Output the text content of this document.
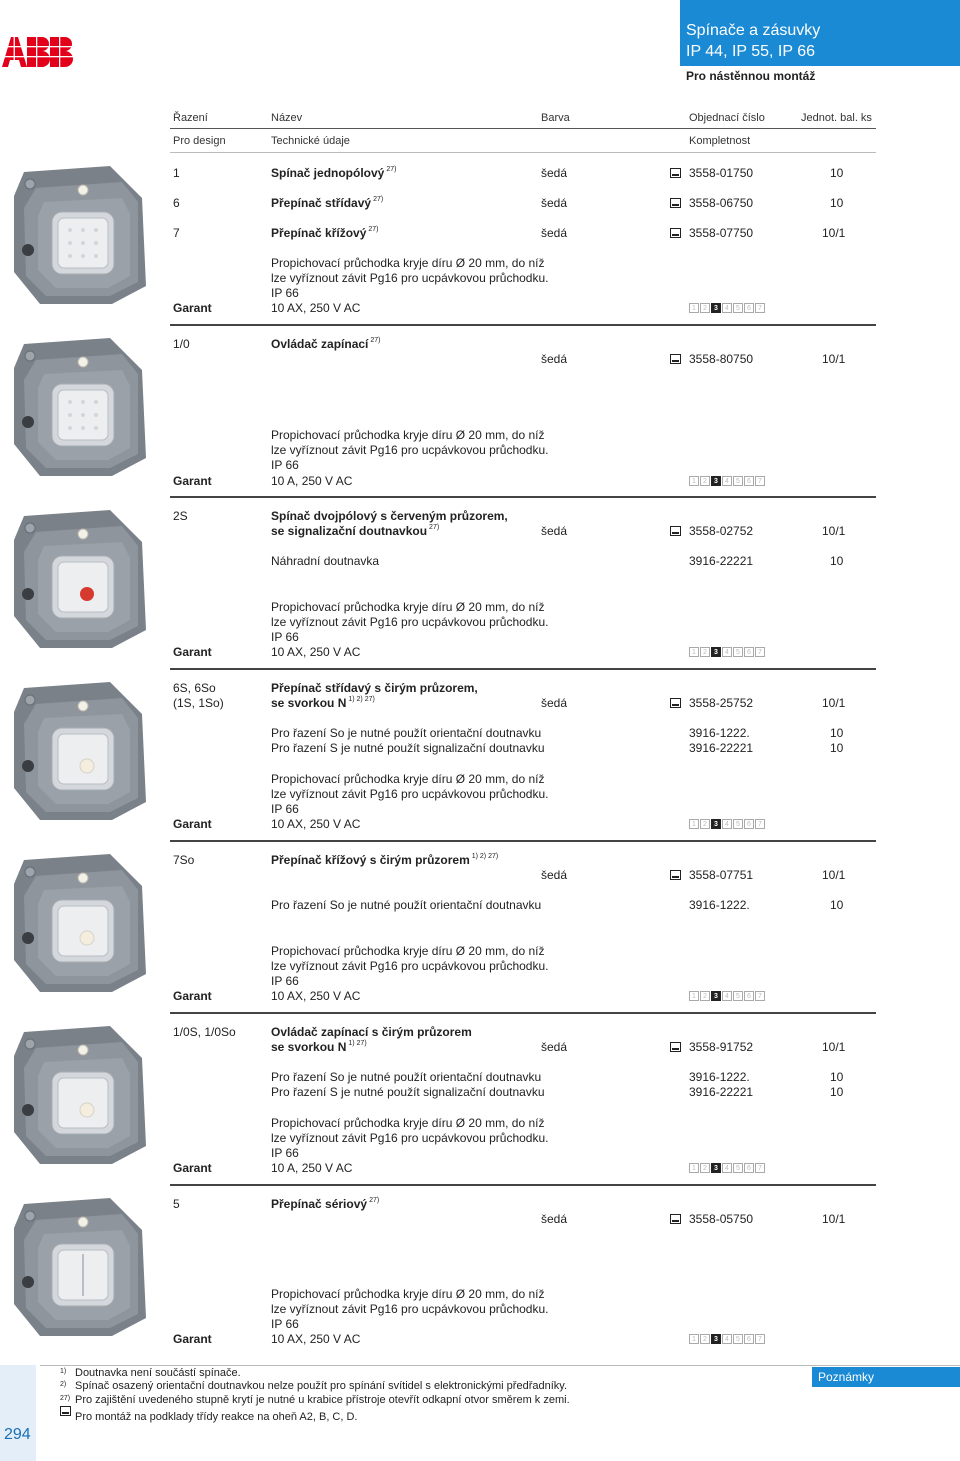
Spínače a zásuvky
IP 44, IP 55, IP 66
Pro nástěnnou montáž
Řazení	Název	Barva	Objednací číslo	Jednot. bal. ks
Pro design	Technické údaje	Kompletnost
1	Spínač jednopólový $^{27)}$	šedá	3558-01750	10
6	Přepínač střídavý $^{27)}$	šedá	3558-06750	10
7	Přepínač křížový $^{27)}$	šedá	3558-07750	10/1
Propichovací průchodka kryje díru Ø 20 mm, do níž
lze vyříznout závit Pg16 pro ucpávkovou průchodku.
IP 66
Garant	10 AX, 250 V AC	1	2	3	4	5	6	7
1/0	Ovládač zapínací $^{27)}$
šedá	3558-80750	10/1
Propichovací průchodka kryje díru Ø 20 mm, do níž
lze vyříznout závit Pg16 pro ucpávkovou průchodku.
IP 66
Garant	10 A, 250 V AC	1	2	3	4	5	6	7
2S	Spínač dvojpólový s červeným průzorem,
se signalizační doutnavkou $^{27)}$	šedá	3558-02752	10/1
Náhradní doutnavka	3916-22221	10
Propichovací průchodka kryje díru Ø 20 mm, do níž
lze vyříznout závit Pg16 pro ucpávkovou průchodku.
IP 66
Garant	10 AX, 250 V AC	1	2	3	4	5	6	7
6S, 6So
(1S, 1So)
Přepínač střídavý s čirým průzorem,
se svorkou N $^{1) 2) 27)}$	šedá	3558-25752	10/1
Pro řazení So je nutné použít orientační doutnavku	3916-1222.	10
Pro řazení S je nutné použít signalizační doutnavku	3916-22221	10
Propichovací průchodka kryje díru Ø 20 mm, do níž
lze vyříznout závit Pg16 pro ucpávkovou průchodku.
IP 66
Garant	10 AX, 250 V AC	1	2	3	4	5	6	7
7So	Přepínač křížový s čirým průzorem $^{1) 2) 27)}$
šedá	3558-07751	10/1
Pro řazení So je nutné použít orientační doutnavku	3916-1222.	10
Propichovací průchodka kryje díru Ø 20 mm, do níž
lze vyříznout závit Pg16 pro ucpávkovou průchodku.
IP 66
Garant	10 AX, 250 V AC	1	2	3	4	5	6	7
1/0S, 1/0So	Ovládač zapínací s čirým průzorem
se svorkou N $^{1) 27)}$	šedá	3558-91752	10/1
Pro řazení So je nutné použít orientační doutnavku	3916-1222.	10
Pro řazení S je nutné použít signalizační doutnavku	3916-22221	10
Propichovací průchodka kryje díru Ø 20 mm, do níž
lze vyříznout závit Pg16 pro ucpávkovou průchodku.
IP 66
Garant	10 A, 250 V AC	1	2	3	4	5	6	7
5	Přepínač sériový $^{27)}$
šedá	3558-05750	10/1
Propichovací průchodka kryje díru Ø 20 mm, do níž
lze vyříznout závit Pg16 pro ucpávkovou průchodku.
IP 66
Garant	10 AX, 250 V AC	1	2	3	4	5	6	7
294
1) Doutnavka není součástí spínače.
2) Spínač osazený orientační doutnavkou nelze použít pro spínání svítidel s elektronickými předřadníky.
27) Pro zajištění uvedeného stupně krytí je nutné u krabice přístroje otevřít odkapní otvor směrem k zemi.
Pro montáž na podklady třídy reakce na oheň A2, B, C, D.
Poznámky
